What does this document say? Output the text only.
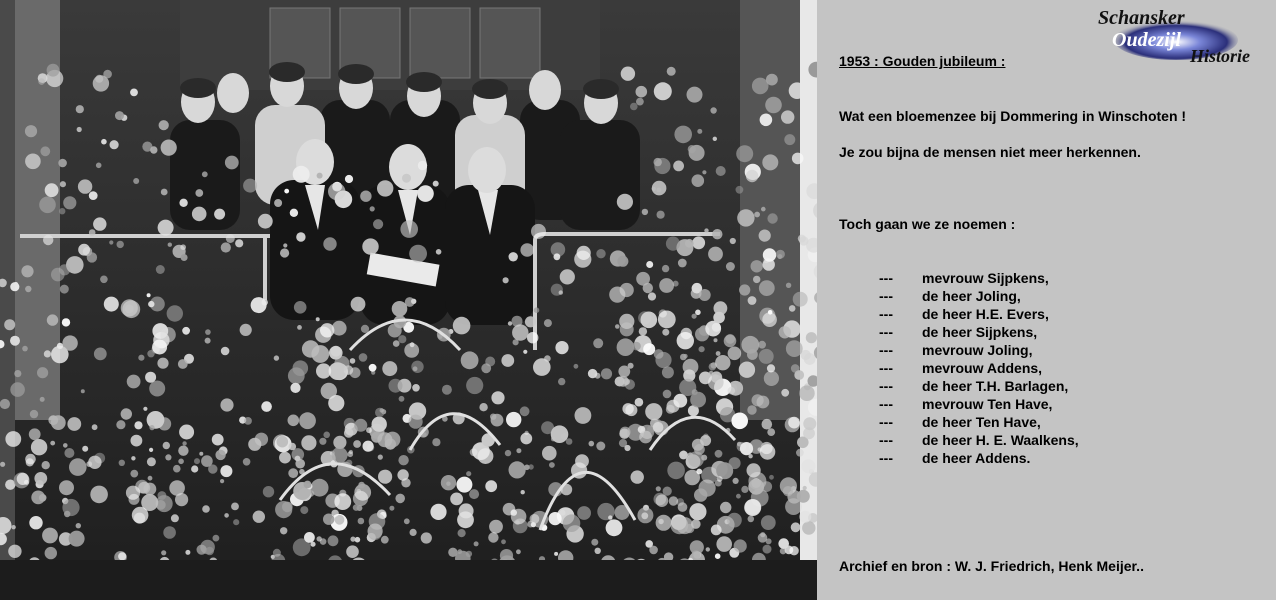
Schansker
Oudezijl
Historie
1953 : Gouden jubileum :
Wat een bloemenzee bij Dommering in Winschoten !
Je zou bijna de mensen niet meer herkennen.
Toch gaan we ze noemen :
---	mevrouw Sijpkens,
---	de heer Joling,
---	de heer H.E. Evers,
---	de heer Sijpkens,
---	mevrouw Joling,
---	mevrouw Addens,
---	de heer T.H. Barlagen,
---	mevrouw Ten Have,
---	de heer Ten Have,
---	de heer H. E. Waalkens,
---	de heer Addens.
Archief en bron : W. J. Friedrich, Henk Meijer..
